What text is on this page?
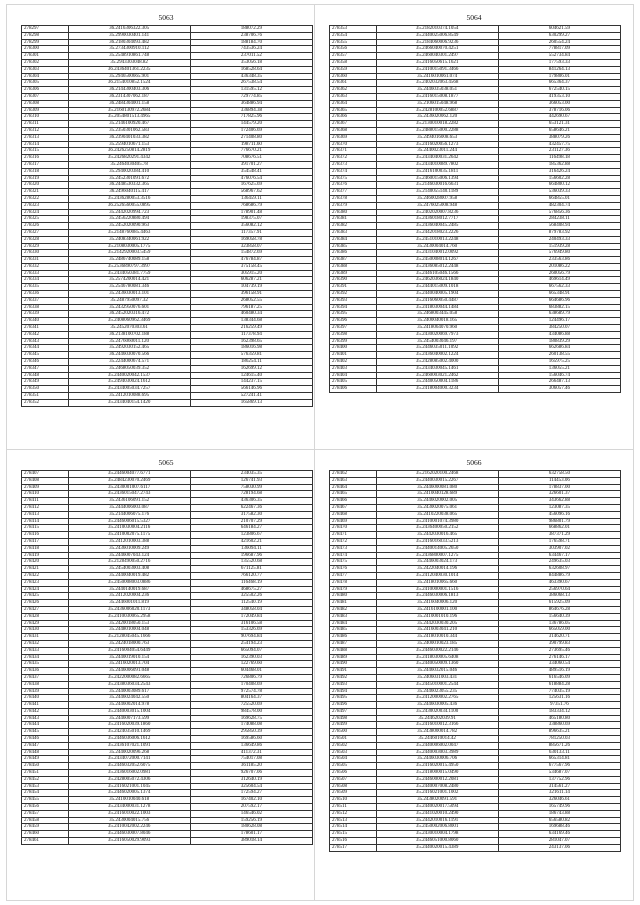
5063
278297	36.2416306322.305	188072.29
278298	35.2990030401.141	238706.76
278299	36.2180304093.482	188184.70
278300	35.2734300910.112	743536.24
278301	35.2548910861.748	237011.52
278302	35.2943303048.82	353056.18
278303	36.2436401361.2235	168528.64
278304	35.2946500665.901	436348.35
278305	36.2154010852.1524	267538.54
278306	36.2144300403.306	131595.12
278307	36.2314307062.187	729774.85
278308	36.2484304001.158	364886.94
278309	35.2160130972.2684	336894.38
278310	35.2054801513.4965	717825.96
278311	35.2146100920.467	144579.20
278312	35.2350301062.583	172406.69
278313	36.2390401033.382	271408.80
278314	35.2594010671.153	198711.60
278315	36.2426250814.2819	776670.21
278316	35.2426820291.4342	708676.51
278317	35.2464030405.78	391701.27
278318	35.2940020384.410	354548.41
278319	35.2452301091.672	476076.54
278320	36.2448530332.365	167625.69
278321	36.2496040115.417	568967.62
278322	35.2436280053.3516	136459.11
278323	36.2526560055.0895	768686.79
278324	35.2442020994.723	178901.48
278325	35.2456220880.494	198375.07
278326	35.2452020090.963	356082.12
278327	35.2148760085.4463	117357.91
278328	35.2408340061.922	169058.78
278329	35.2108030005.1775	323858.07
278330	35.2142920003.5459	154872.69
278331	35.2486740089.158	476784.87
278332	35.2536890797.3997	375158.45
278333	35.2434050381.7759	305915.20
278334	35.2574200014.421	606287.21
278335	35.2546780081.346	104739.19
278336	35.2436030013.101	396158.91
278337	35.2487950097.32	268052.55
278338	35.2432950076.601	796187.25
278339	36.2452020316.472	460480.34
278340	35.2408060962.3469	138344.68
278341	35.2452070303.61	216259.49
278342	36.2138100702.188	117378.94
278343	35.2476060011.120	162398.65
278344	35.2492030152.465	186016.98
278345	36.2446030070.566	576359.81
278346	35.2244000674.571	186254.11
278347	35.2468050039.352	162699.12
278348	35.2440020042.1537	124615.40
278349	35.2494030024.1612	144237.15
278350	35.2434005034.7257	566146.96
278351	35.2412010088.695	527241.41
278352	35.2434040154.1420	165869.13
5064
278353	35.2182010374.1054	604621.59
278354	35.2440025006.8549	630299.27
278355	35.2184060006.9236	260554.24
278356	35.2466040070.4251	778817.09
278357	35.2460040301.2497	552734.84
278358	35.2416050615.1621	177593.33
278359	35.2410015091.3466	841264.13
278360	35.2416010061.074	179806.01
278361	35.2402032063.4568	665364.37
278362	35.2446035038.051	672540.15
278363	35.2416015008.1877	419353.10
278364	35.2106015048.968	366053.00
278365	35.2428100052.6887	378716.06
278366	35.2436020062.120	442690.67
278367	35.2130010018.2282	653121.31
278368	35.2488015000.2288	658646.21
278369	35.2494016008.653	388079.26
278370	35.2416020056.1273	432457.75
278371	35.2440023011.244	231127.36
278372	35.2434040031.2642	116498.18
278373	35.2434010089.7802	185362.88
278374	35.2416100035.1811	316426.24
278375	35.2460015006.1394	156602.28
278376	35.2146030016.6631	664800.12
278377	35.2140055140.1189	536039.33
278378	35.2460028007.958	664855.01
278379	35.2476025008.948	482304.74
278380	35.2402020007.8236	576856.36
278381	35.2436018012.7717	284238.11
278382	35.2436040045.2485	568408.94
278383	35.2442018023.2226	879783.92
278384	35.2451010013.2248	240493.33
278385	35.2430004014.760	151939.28
278386	35.2431040012.0092	576949.80
278387	35.2450008014.1267	233563.86
278388	35.2436085012.2448	201086.22
278389	35.2446105046.1566	260056.79
278390	35.2462036024.1840	469614.49
278391	35.2444015009.1018	667562.33
278392	35.2440040005.1904	665348.91
278393	35.2416060050.4487	664686.96
278394	35.2418030044.1484	683882.15
278395	35.2468003445.058	638689.79
278396	35.2400040018.165	124496.17
278397	35.2418064070.960	384250.07
278398	35.2430020069.7973	434086.88
278399	35.2454003046.197	180839.29
278400	35.2446035011.1092	662686.84
278401	35.2436040002.1224	260138.55
278402	35.2428085002.4000	165975.25
278403	35.2434030045.1461	136055.21
278404	35.2460003021.2462	156046.74
278405	35.2440050004.1186	266487.13
278406	35.2418004000.3234	306057.46
5065
278407	35.2446004077.6771	234035.35
278408	35.2484230070.2469	126741.93
278409	35.2430001007.6117	758030.99
278410	35.2436015047.2743	728194.68
278411	35.2436106091.152	436306.35
278412	35.2444006003.087	622467.36
278413	35.2144006075.176	317582.30
278414	35.2446006015.5327	210707.29
278415	35.2410030004.2116	646184.27
278416	35.2410002075.1175	123806.67
278417	35.2412010003.388	421602.21
278418	35.2436010009.249	136094.11
278419	35.2446007043.124	196687.96
278420	35.2128490050.2716	135520.68
278421	35.2454003003.408	671125.81
278422	35.2440040019.482	766120.77
278423	35.2450008003.0886	116468.19
278424	35.2440140019.687	468675.27
278425	35.2412020004.236	325502.26
278426	35.2446001011.819	112540.19
278427	35.2436006020.1173	348058.04
278428	35.2410030065.2958	172049.84
278429	35.2420018050.153	316106.58
278430	35.2448010004.048	153326.69
278431	35.2128045045.1666	907694.84
278432	35.2424018000.763	254194.23
278433	35.2416004054.6449	665094.07
278434	35.2440019010.154	162390.03
278435	35.2416020013.704	122769.60
278436	35.2446006091.048	604468.01
278437	35.2422000082.6665	726806.79
278438	35.2438036034.2543	170408.69
278439	35.2440003089.617	972574.78
278440	35.2446024042.550	804164.37
278441	35.2446002014.978	725520.69
278442	35.2440003015.1004	984578.00
278443	35.2446007173.599	169628.75
278444	35.2416020039.1860	174088.08
278445	35.2424035010.1469	295850.39
278446	35.2446036006.1612	169586.60
278447	35.2436107021.1091	136649.86
278448	35.2440020096.268	411372.31
278449	35.2434072000.7141	754017.08
278450	35.2446032052.6075	361185.20
278451	35.2436016002.0981	926707.06
278452	35.2428005072.4306	312640.19
278453	35.2416021001.1045	325604.54
278454	35.2446020005.1374	172594.27
278455	35.2410010040.618	167402.10
278456	35.2434000031.1278	207592.17
278457	35.2416010022.1003	146546.02
278458	35.2430004015.756	159256.19
278459	35.2410042002.2246	180628.08
278460	35.2446030007.8046	178601.17
278461	35.2416050029.9093	389018.14
5066
278462	35.2162020100.2468	632758.50
278463	35.2440030015.2267	114453.06
278464	35.2446000081.080	178837.00
278465	35.2410040128.689	326601.37
278466	35.2446020002.005	343662.88
278467	35.2430020075.061	123087.35
278468	35.2410220038.065	456096.16
278469	35.2410001074.3980	986801.79
278470	35.2436400050.2152	668862.01
278471	35.2442030016.465	387371.29
278472	35.2416016033.5213	176598.71
278473	35.2440014005.2650	303907.02
278474	35.2436800007.1275	634467.17
278475	35.2446003024.173	249635.03
278476	35.2422040014.196	632608.97
278477	35.2412040030.1014	844886.79
278478	35.2418010065.660	463390.67
278479	35.2410000001.1516	256970.64
278480	35.2446030006.1813	386068.13
278481	35.2416040006.120	615925.09
278482	35.2416100001.100	864676.28
278483	35.2410001010.196	156640.39
278484	35.2442030030.205	136786.05
278485	35.2416003041.210	665059.00
278486	35.2418010010.344	314620.71
278487	35.2400010023.185	390799.83
278488	35.2446030022.2146	273695.46
278489	35.2418030005.6408	276146.17
278490	35.2440050009.1360	334060.54
278491	35.2446032015.046	489516.19
278492	35.2406031003.431	616546.09
278493	35.2445010001.2544	618884.28
278494	35.2446023055.235	774035.19
278495	35.2412000002.2765	125631.16
278496	35.2446030005.436	97351.76
278497	35.2430020034.1100	183334.12
278498	35.2446202039.91	465180.80
278499	35.2416010012.3166	338860.69
278500	35.2438000014.782	896635.21
278501	35.2446010014.42	781250.03
278502	35.2440006002.0047	885671.26
278503	35.2440003003.3989	630133.11
278504	35.2446030006.706	665314.81
278505	35.2416020015.4950	677567.96
278506	35.2418000015.0490	534687.07
278507	35.2446000012.2081	137752.96
278508	35.2440007008.2480	314561.27
278509	35.2416021001.1002	321611.14
278510	35.2438020091.591	326046.61
278511	35.2440020017.5094	165749.96
278512	35.2441020010.2490	186743.88
278513	35.2442010016.1191	656580.82
278514	35.2450002006.8001	169688.46
278515	35.2430010004.1798	634169.46
278516	35.2446051000.8060	281047.07
278517	35.2440020015.4389	243137.06
